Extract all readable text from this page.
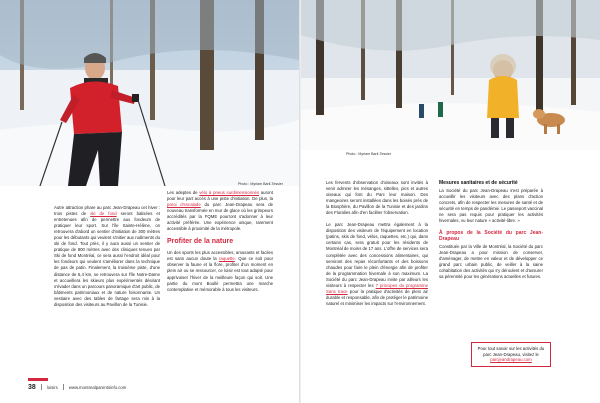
Photo : Myriam Baril-Tessier
Photo : Myriam Baril-Tessier

Autre attraction phare au parc Jean-Drapeau cet hiver : trois pistes de ski de fond seront balisées et entretenues afin de permettre aux fondeurs de pratiquer leur sport. Sur l'île Sainte-Hélène, on retrouvera d'abord un sentier d'initiation de 300 mètres pour les débutants qui veulent s'initier aux rudiments du ski de fond. Tout près, il y aura aussi un sentier de pratique de 800 mètres avec des cliniques tenues par Ski de fond Montréal, ce sera aussi l'endroit idéal pour les fondeurs qui veulent s'améliorer dans la technique de pas de patin. Finalement, la troisième piste, d'une distance de 5,4 km, se retrouvera sur l'île Notre-Dame et accueillera les skieurs plus expérimentés désirant s'évader dans un parcours panoramique d'art public, de bâtiments patrimoniaux et de nature foisonnante. Un vestiaire avec des tables de fartage sera mis à la disposition des visiteurs au Pavillon de la Tunisie.

Les adeptes de vélo à pneus surdimensionnés auront pour leur part accès à une piste d'initiation. De plus, la paroi d'escalade du parc Jean-Drapeau sera de nouveau transformée en mur de glace où les grimpeurs accrédités par la FQME pourront s'adonner à leur activité préférée. Une expérience unique, rarement accessible à proximité de la métropole.

Profiter de la nature

Un des sports les plus accessibles, amusants et faciles est sans aucun doute la raquette. Que ce soit pour observer la faune et la flore, profiter d'un moment en plein air ou se ressourcer, ce loisir est tout adapté pour apprivoiser l'hiver de la meilleure façon qui soit. Une partie du mont Boullé permettra une marche contemplative et mémorable à tous les visiteurs.

Les fervents d'observation d'oiseaux sont invités à venir admirer les mésanges, sittelles, pics et autres oiseaux qui font du Parc leur maison. Des mangeoires seront installées dans les boisés près de la Biosphère, du Pavillon de la Tunisie et des jardins des Floralies afin d'en faciliter l'observation.

Le parc Jean-Drapeau mettra également à la disposition des visiteurs de l'équipement en location (patins, skis de fond, vélos, raquettes, etc.) qui, dans certains cas, sera gratuit pour les résidents de Montréal de moins de 17 ans. L'offre de services sera complétée avec des concessions alimentaires, qui serviront des repas réconfortants et des boissons chaudes pour faire le plein d'énergie afin de profiter de la programmation hivernale à son maximum. La Société du parc Jean-Drapeau invite par ailleurs les visiteurs à respecter les 7 principes du programme Sans trace pour la pratique d'activités de plein air durable et responsable, afin de protéger le patrimoine naturel et minimiser les impacts sur l'environnement.

Mesures sanitaires et de sécurité

La Société du parc Jean-Drapeau s'est préparée à accueillir les visiteurs avec des plans d'action concrets, afin de respecter les mesures de santé et de sécurité en temps de pandémie. Le passeport vaccinal ne sera pas requis pour pratiquer les activités hivernales, vu leur nature « activité-libre. »

À propos de la Société du parc Jean-Drapeau

Constituée par la Ville de Montréal, la Société du parc Jean-Drapeau a pour mission de conserver, d'aménager, de mettre en valeur et de développer ce grand parc urbain public, de veiller à la saine cohabitation des activités qui s'y déroulent et d'assurer sa pérennité pour les générations actuelles et futures.

Pour tout savoir sur les activités du parc Jean-Drapeau, visitez le parcjeandrapeau.com
38	loisirs	www.montrealparentsinfo.com
